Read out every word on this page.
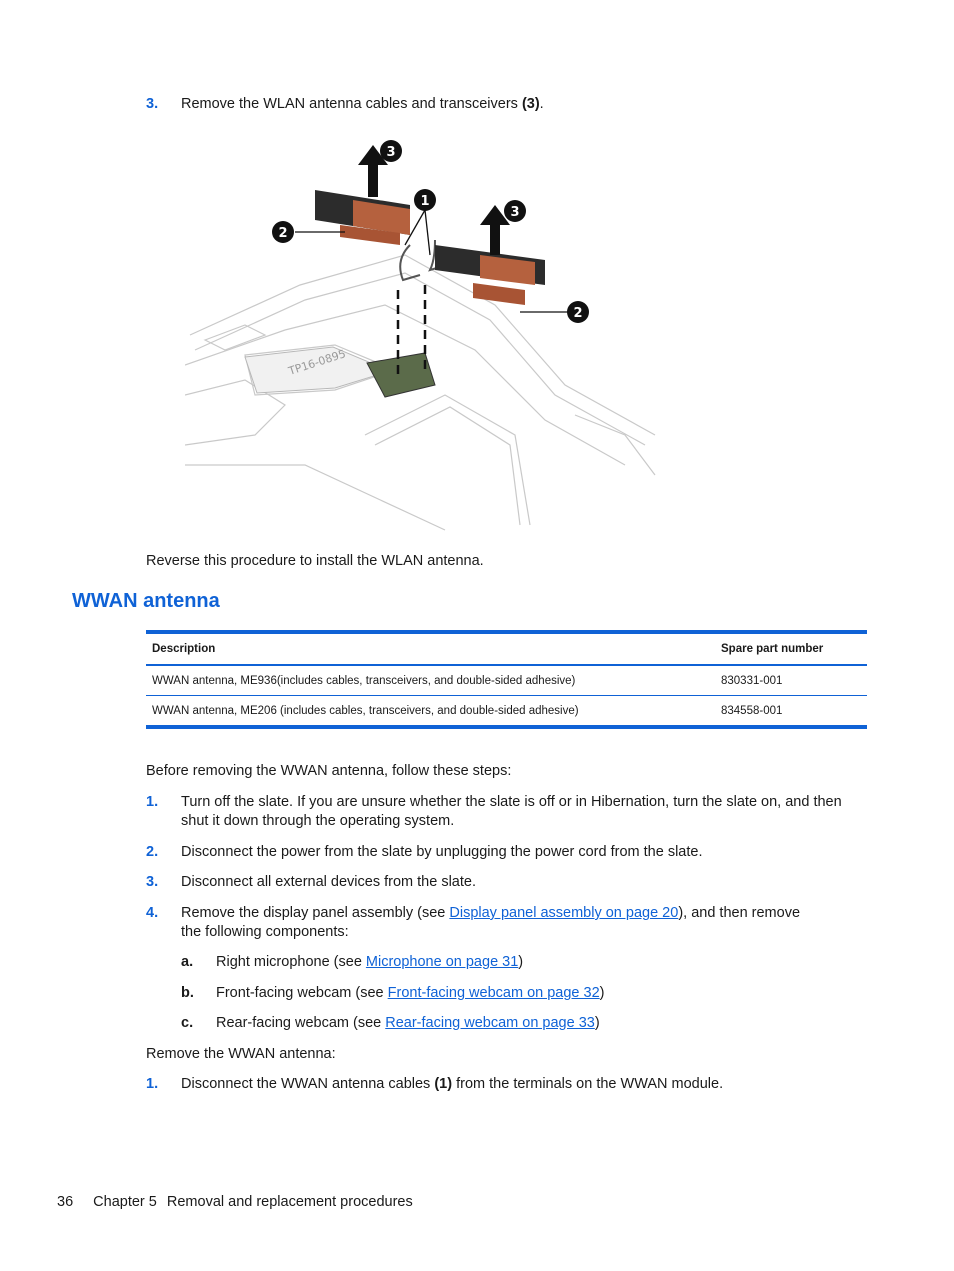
3. Remove the WLAN antenna cables and transceivers (3).
TP16-0895
1
2
2
3
3
Reverse this procedure to install the WLAN antenna.
WWAN antenna
Description	Spare part number
WWAN antenna, ME936(includes cables, transceivers, and double-sided adhesive)	830331-001
WWAN antenna, ME206 (includes cables, transceivers, and double-sided adhesive)	834558-001
Before removing the WWAN antenna, follow these steps:
1. Turn off the slate. If you are unsure whether the slate is off or in Hibernation, turn the slate on, and then
shut it down through the operating system.
2. Disconnect the power from the slate by unplugging the power cord from the slate.
3. Disconnect all external devices from the slate.
4. Remove the display panel assembly (see Display panel assembly on page 20), and then remove
the following components:
a. Right microphone (see Microphone on page 31)
b. Front-facing webcam (see Front-facing webcam on page 32)
c. Rear-facing webcam (see Rear-facing webcam on page 33)
Remove the WWAN antenna:
1. Disconnect the WWAN antenna cables (1) from the terminals on the WWAN module.
36 Chapter 5 Removal and replacement procedures
